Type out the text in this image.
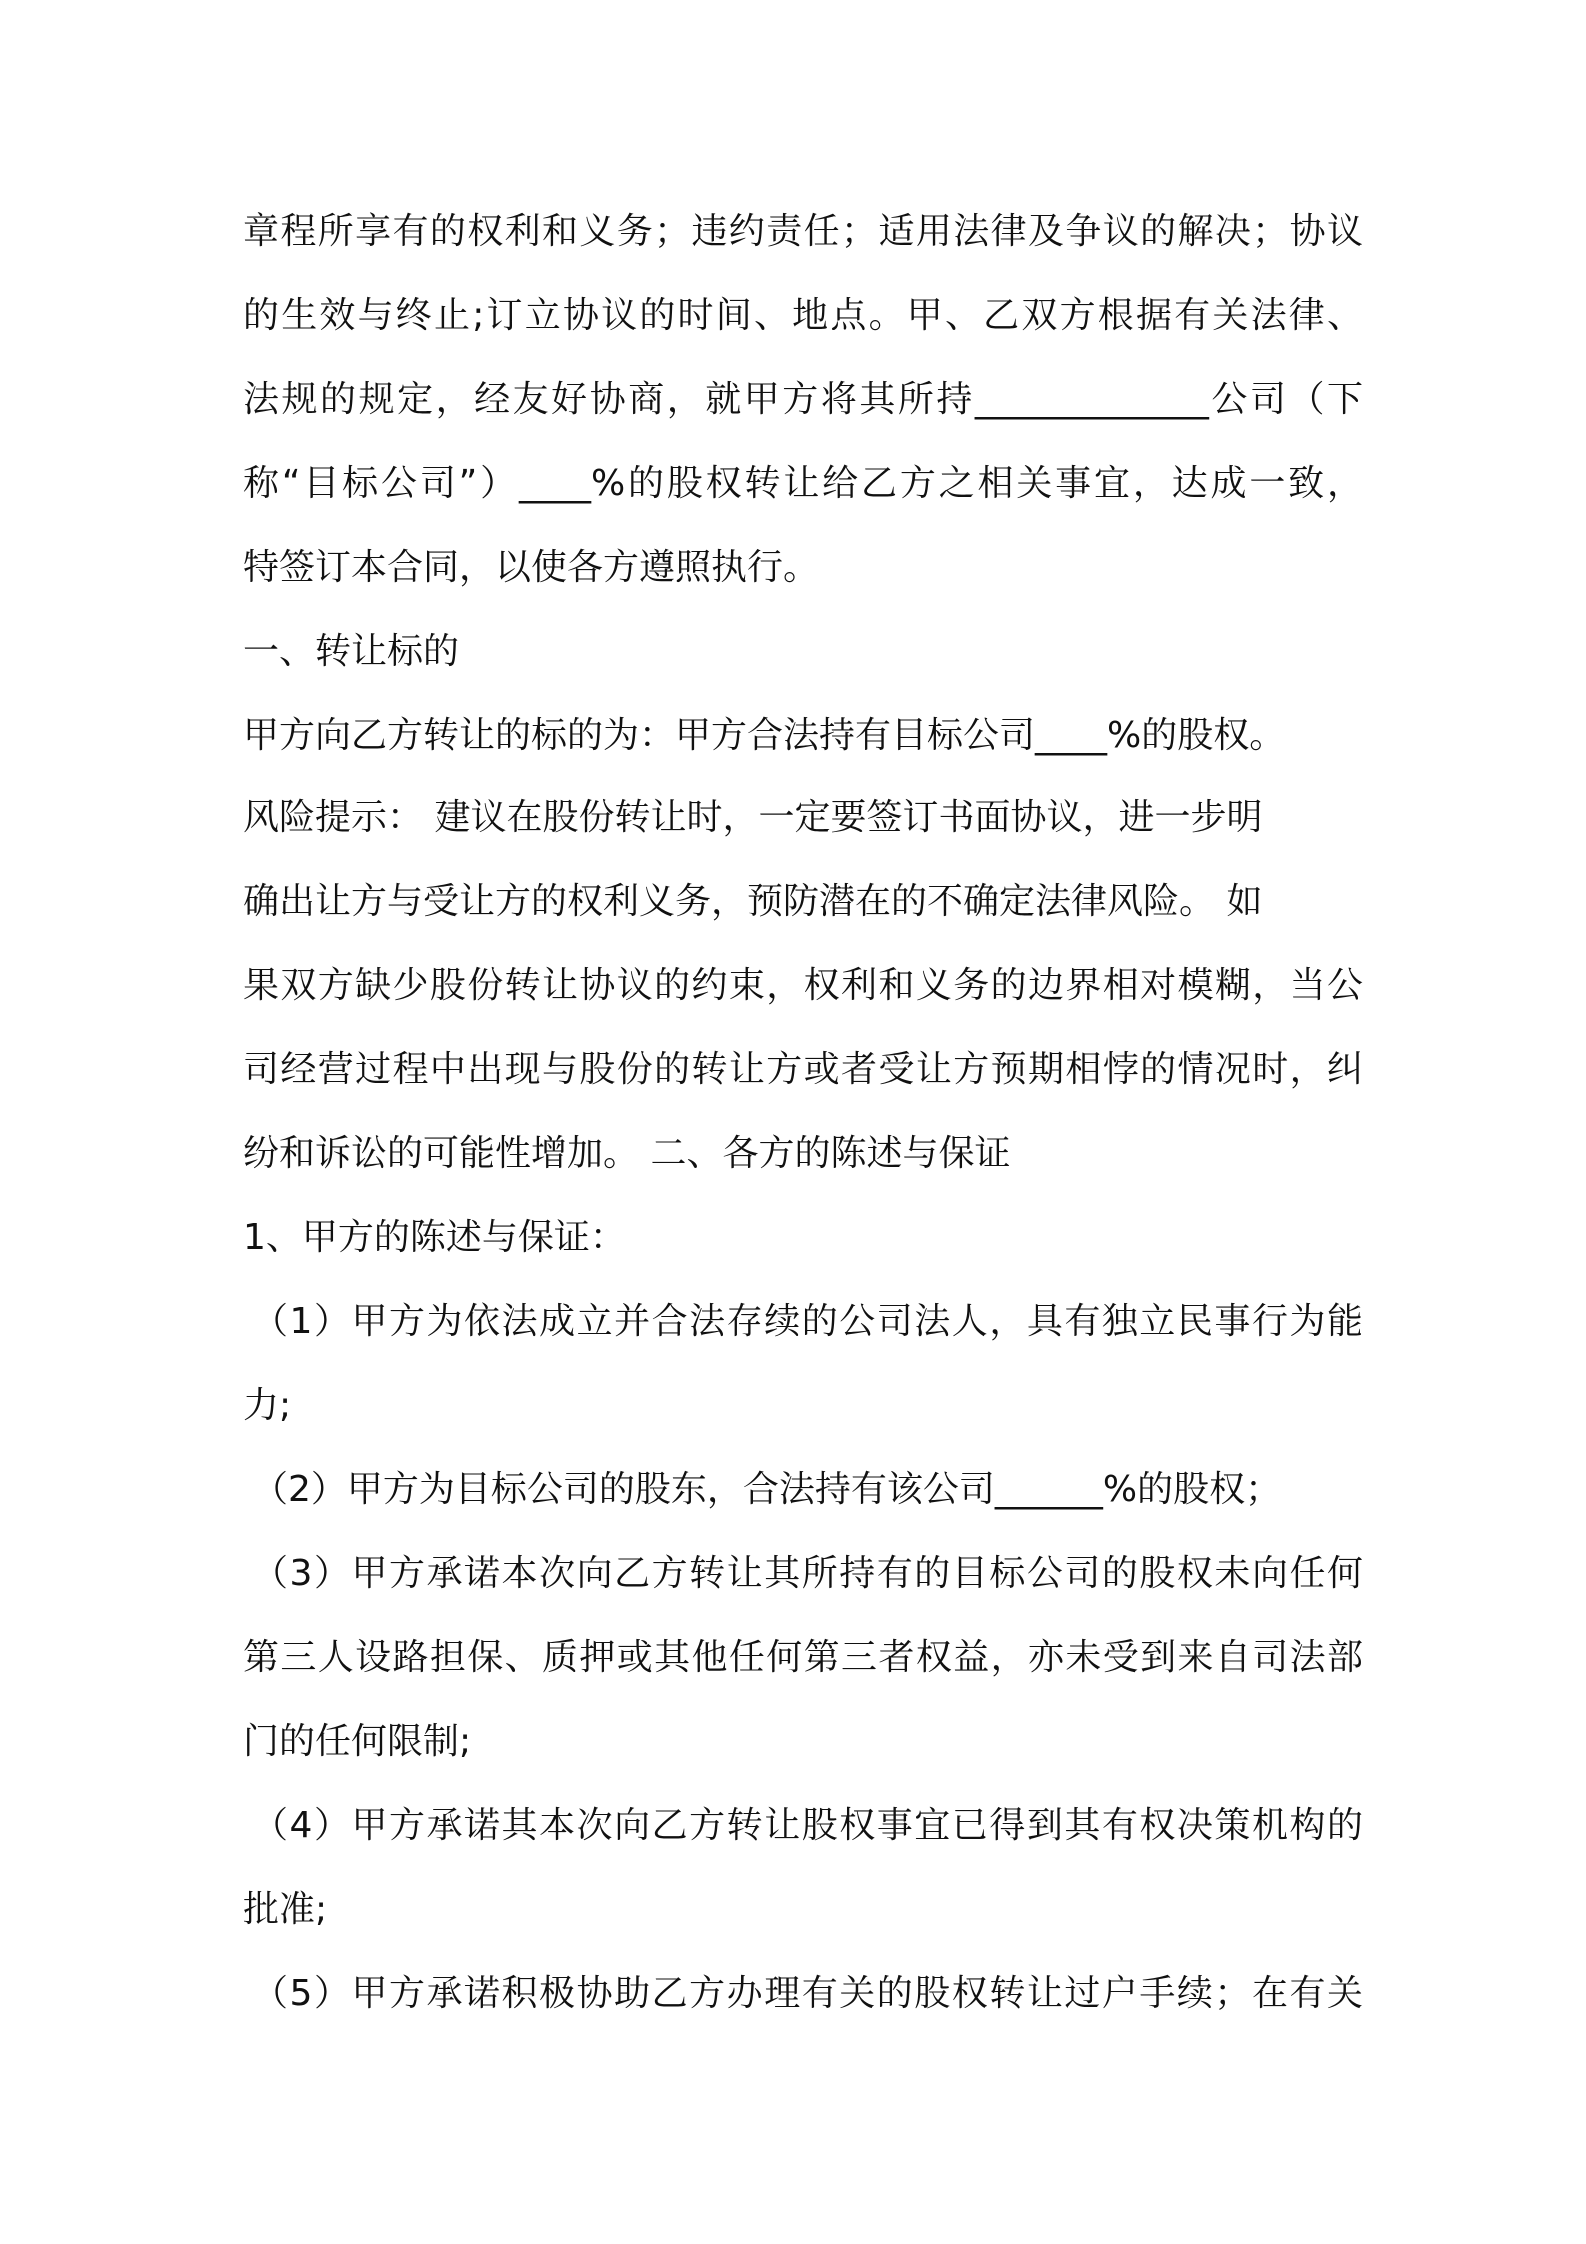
章程所享有的权利和义务；违约责任；适用法律及争议的解决；协议
的生效与终止;订立协议的时间、地点。甲、乙双方根据有关法律、
法规的规定，经友好协商，就甲方将其所持_____________公司（下
称“目标公司”）____%的股权转让给乙方之相关事宜，达成一致，
特签订本合同，以使各方遵照执行。
一、转让标的
甲方向乙方转让的标的为：甲方合法持有目标公司____%的股权。
风险提示： 建议在股份转让时，一定要签订书面协议，进一步明
确出让方与受让方的权利义务，预防潜在的不确定法律风险。 如
果双方缺少股份转让协议的约束，权利和义务的边界相对模糊，当公
司经营过程中出现与股份的转让方或者受让方预期相悖的情况时，纠
纷和诉讼的可能性增加。 二、各方的陈述与保证
1、甲方的陈述与保证：
（1）甲方为依法成立并合法存续的公司法人，具有独立民事行为能
力;
（2）甲方为目标公司的股东，合法持有该公司______%的股权；
（3）甲方承诺本次向乙方转让其所持有的目标公司的股权未向任何
第三人设路担保、质押或其他任何第三者权益，亦未受到来自司法部
门的任何限制;
（4）甲方承诺其本次向乙方转让股权事宜已得到其有权决策机构的
批准;
（5）甲方承诺积极协助乙方办理有关的股权转让过户手续；在有关
